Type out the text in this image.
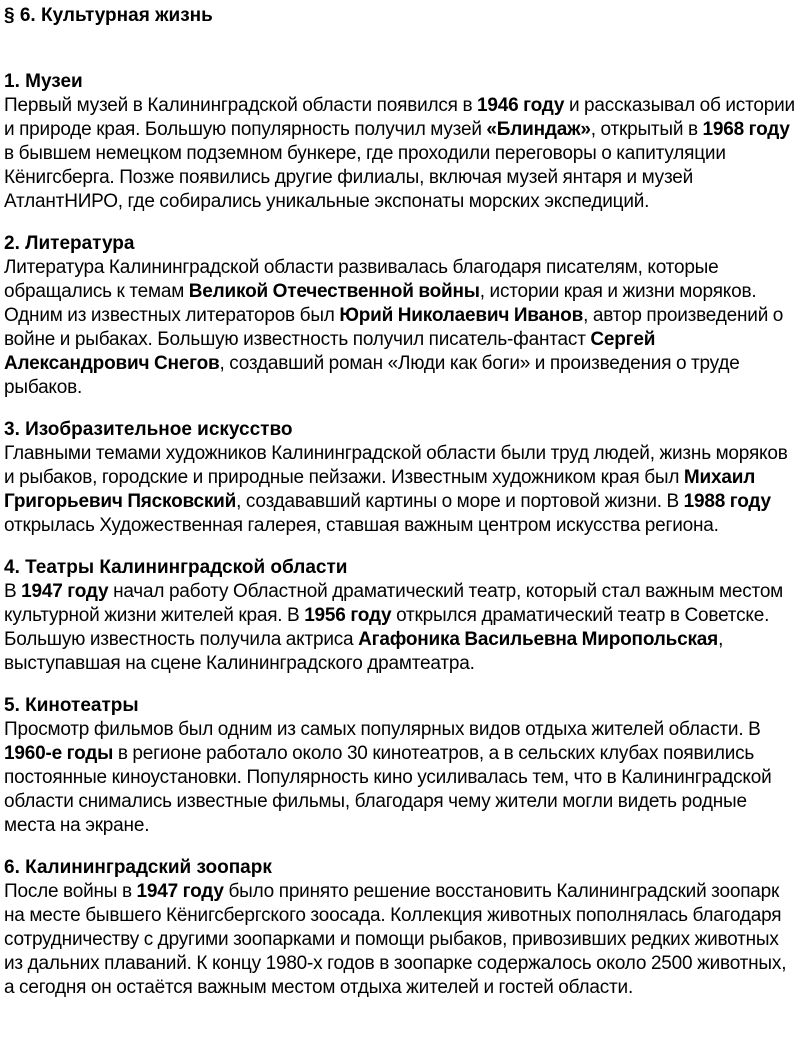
§ 6. Культурная жизнь
1. Музеи

Первый музей в Калининградской области появился в 1946 году и рассказывал об истории и природе края. Большую популярность получил музей «Блиндаж», открытый в 1968 году в бывшем немецком подземном бункере, где проходили переговоры о капитуляции Кёнигсберга. Позже появились другие филиалы, включая музей янтаря и музей АтлантНИРО, где собирались уникальные экспонаты морских экспедиций.

2. Литература

Литература Калининградской области развивалась благодаря писателям, которые обращались к темам Великой Отечественной войны, истории края и жизни моряков. Одним из известных литераторов был Юрий Николаевич Иванов, автор произведений о войне и рыбаках. Большую известность получил писатель-фантаст Сергей Александрович Снегов, создавший роман «Люди как боги» и произведения о труде рыбаков.

3. Изобразительное искусство

Главными темами художников Калининградской области были труд людей, жизнь моряков и рыбаков, городские и природные пейзажи. Известным художником края был Михаил Григорьевич Пясковский, создававший картины о море и портовой жизни. В 1988 году открылась Художественная галерея, ставшая важным центром искусства региона.

4. Театры Калининградской области

В 1947 году начал работу Областной драматический театр, который стал важным местом культурной жизни жителей края. В 1956 году открылся драматический театр в Советске. Большую известность получила актриса Агафоника Васильевна Миропольская, выступавшая на сцене Калининградского драмтеатра.

5. Кинотеатры

Просмотр фильмов был одним из самых популярных видов отдыха жителей области. В 1960-е годы в регионе работало около 30 кинотеатров, а в сельских клубах появились постоянные киноустановки. Популярность кино усиливалась тем, что в Калининградской области снимались известные фильмы, благодаря чему жители могли видеть родные места на экране.

6. Калининградский зоопарк

После войны в 1947 году было принято решение восстановить Калининградский зоопарк на месте бывшего Кёнигсбергского зоосада. Коллекция животных пополнялась благодаря сотрудничеству с другими зоопарками и помощи рыбаков, привозивших редких животных из дальних плаваний. К концу 1980-х годов в зоопарке содержалось около 2500 животных, а сегодня он остаётся важным местом отдыха жителей и гостей области.
